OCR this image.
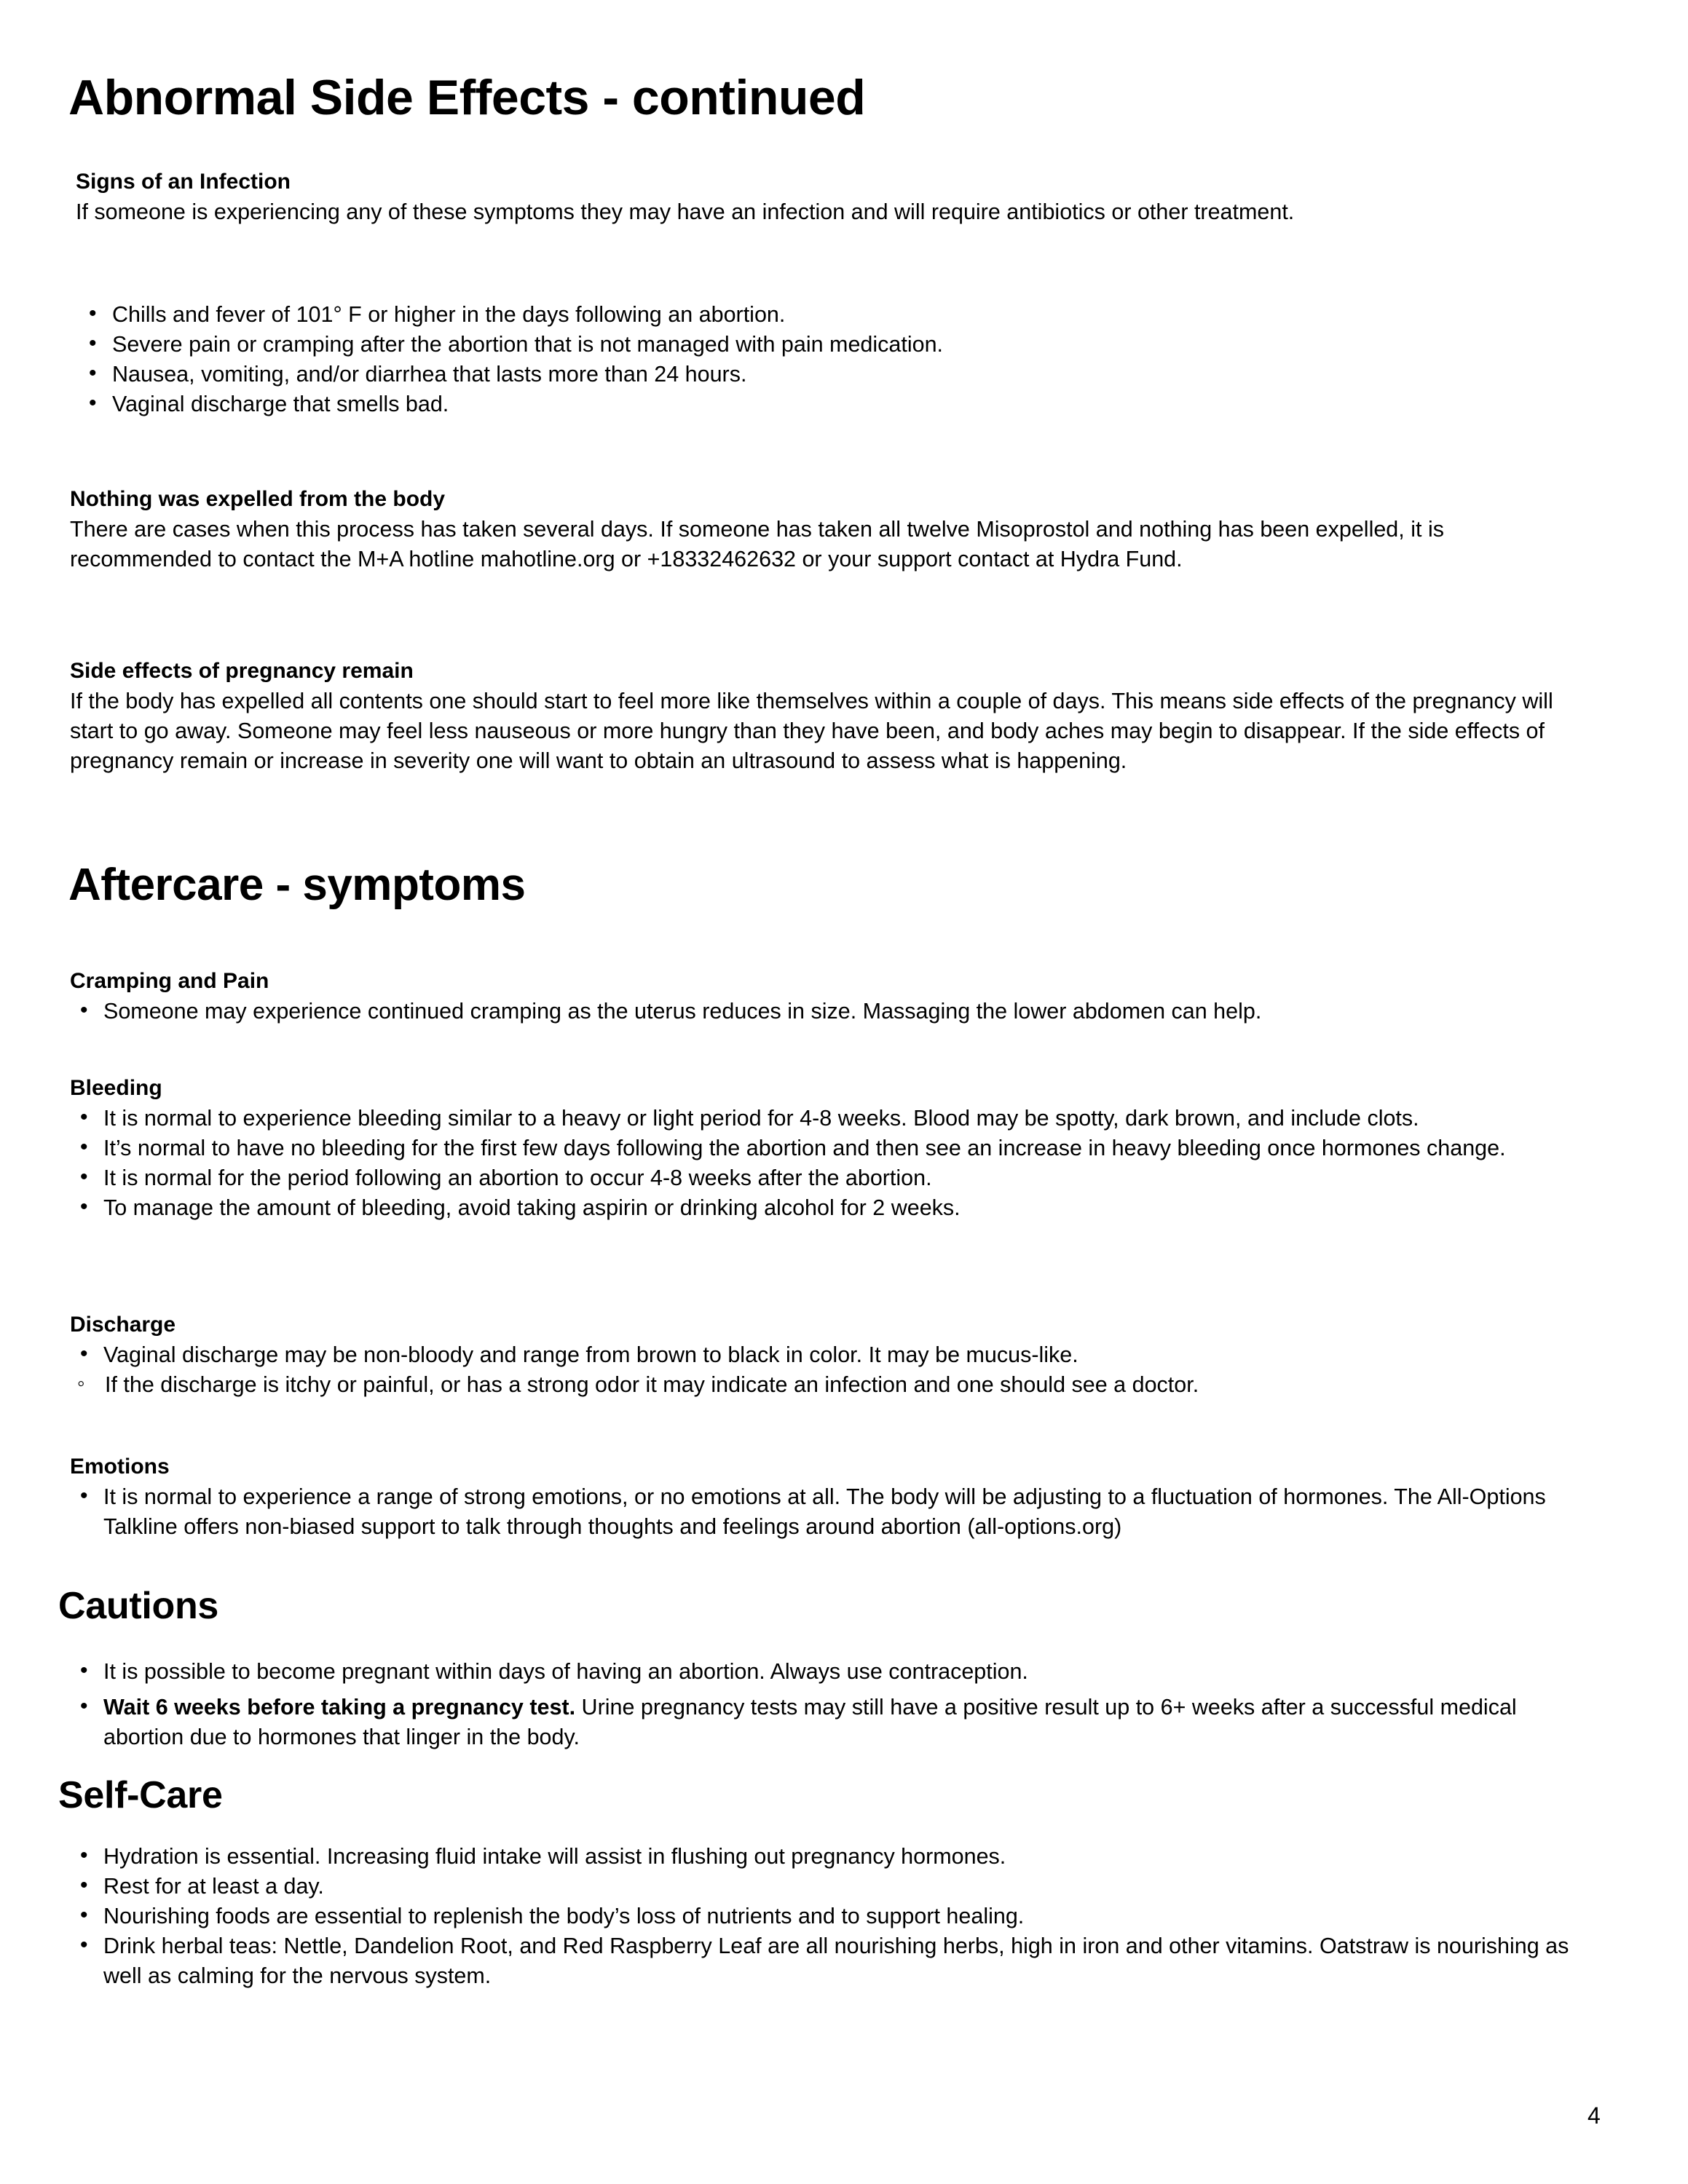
Abnormal Side Effects - continued
Signs of an Infection
If someone is experiencing any of these symptoms they may have an infection and will require antibiotics or other treatment.
• Chills and fever of 101° F or higher in the days following an abortion.
• Severe pain or cramping after the abortion that is not managed with pain medication.
• Nausea, vomiting, and/or diarrhea that lasts more than 24 hours.
• Vaginal discharge that smells bad.
Nothing was expelled from the body
There are cases when this process has taken several days. If someone has taken all twelve Misoprostol and nothing has been expelled, it is recommended to contact the M+A hotline mahotline.org or +18332462632 or your support contact at Hydra Fund.
Side effects of pregnancy remain
If the body has expelled all contents one should start to feel more like themselves within a couple of days. This means side effects of the pregnancy will start to go away. Someone may feel less nauseous or more hungry than they have been, and body aches may begin to disappear. If the side effects of pregnancy remain or increase in severity one will want to obtain an ultrasound to assess what is happening.
Aftercare - symptoms
Cramping and Pain
• Someone may experience continued cramping as the uterus reduces in size. Massaging the lower abdomen can help.
Bleeding
• It is normal to experience bleeding similar to a heavy or light period for 4-8 weeks. Blood may be spotty, dark brown, and include clots.
• It’s normal to have no bleeding for the first few days following the abortion and then see an increase in heavy bleeding once hormones change.
• It is normal for the period following an abortion to occur 4-8 weeks after the abortion.
• To manage the amount of bleeding, avoid taking aspirin or drinking alcohol for 2 weeks.
Discharge
• Vaginal discharge may be non-bloody and range from brown to black in color. It may be mucus-like.
◦ If the discharge is itchy or painful, or has a strong odor it may indicate an infection and one should see a doctor.
Emotions
• It is normal to experience a range of strong emotions, or no emotions at all. The body will be adjusting to a fluctuation of hormones. The All-Options Talkline offers non-biased support to talk through thoughts and feelings around abortion (all-options.org)
Cautions
• It is possible to become pregnant within days of having an abortion. Always use contraception.
• Wait 6 weeks before taking a pregnancy test. Urine pregnancy tests may still have a positive result up to 6+ weeks after a successful medical abortion due to hormones that linger in the body.
Self-Care
• Hydration is essential. Increasing fluid intake will assist in flushing out pregnancy hormones.
• Rest for at least a day.
• Nourishing foods are essential to replenish the body’s loss of nutrients and to support healing.
• Drink herbal teas: Nettle, Dandelion Root, and Red Raspberry Leaf are all nourishing herbs, high in iron and other vitamins. Oatstraw is nourishing as well as calming for the nervous system.
4
